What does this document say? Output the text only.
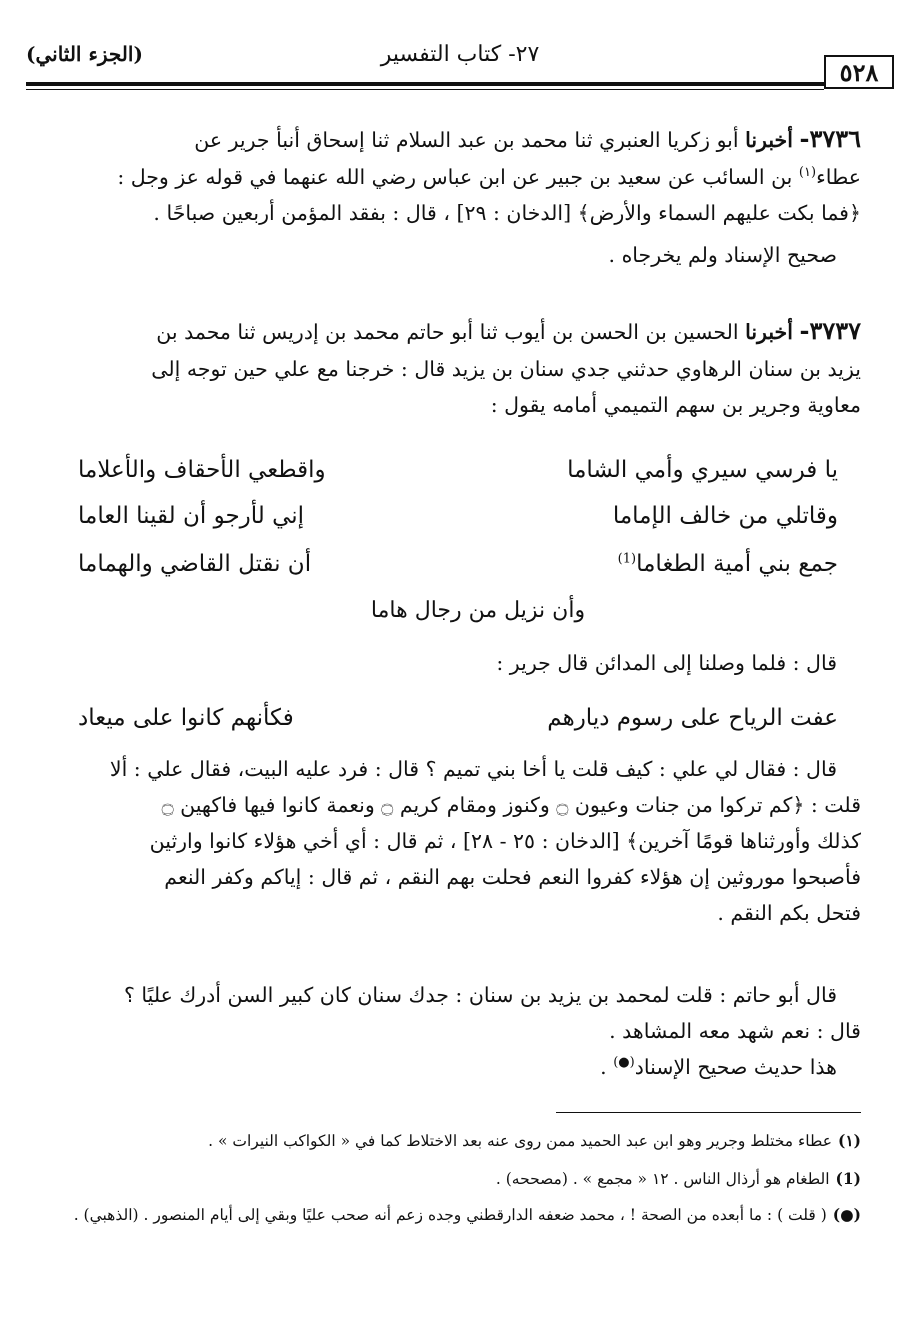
٥٢٨
٢٧- كتاب التفسير
(الجزء الثاني)
٣٧٣٦- أخبرنا أبو زكريا العنبري ثنا محمد بن عبد السلام ثنا إسحاق أنبأ جرير عن
عطاء$^{(١)}$ بن السائب عن سعيد بن جبير عن ابن عباس رضي الله عنهما في قوله عز وجل :
﴿فما بكت عليهم السماء والأرض﴾ [الدخان : ٢٩] ، قال : بفقد المؤمن أربعين صباحًا .
صحيح الإسناد ولم يخرجاه .
٣٧٣٧- أخبرنا الحسين بن الحسن بن أيوب ثنا أبو حاتم محمد بن إدريس ثنا محمد بن
يزيد بن سنان الرهاوي حدثني جدي سنان بن يزيد قال : خرجنا مع علي حين توجه إلى
معاوية وجرير بن سهم التميمي أمامه يقول :
يا فرسي سيري وأمي الشاما
واقطعي الأحقاف والأعلاما
وقاتلي من خالف الإماما
إني لأرجو أن لقينا العاما
جمع بني أمية الطغاما$^{(1)}$
أن نقتل القاضي والهماما
وأن نزيل من رجال هاما
قال : فلما وصلنا إلى المدائن قال جرير :
عفت الرياح على رسوم ديارهم
فكأنهم كانوا على ميعاد
قال : فقال لي علي : كيف قلت يا أخا بني تميم ؟ قال : فرد عليه البيت، فقال علي : ألا
قلت : ﴿كم تركوا من جنات وعيون ۝ وكنوز ومقام كريم ۝ ونعمة كانوا فيها فاكهين ۝
كذلك وأورثناها قومًا آخرين﴾ [الدخان : ٢٥ - ٢٨] ، ثم قال : أي أخي هؤلاء كانوا وارثين
فأصبحوا موروثين إن هؤلاء كفروا النعم فحلت بهم النقم ، ثم قال : إياكم وكفر النعم
فتحل بكم النقم .
قال أبو حاتم : قلت لمحمد بن يزيد بن سنان : جدك سنان كان كبير السن أدرك عليًا ؟
قال : نعم شهد معه المشاهد .
هذا حديث صحيح الإسناد(●) .
(١)عطاء مختلط وجرير وهو ابن عبد الحميد ممن روى عنه بعد الاختلاط كما في « الكواكب النيرات » .
(1)الطغام هو أرذال الناس . ١٢ « مجمع » . (مصححه) .
(●)( قلت ) : ما أبعده من الصحة ! ، محمد ضعفه الدارقطني وجده زعم أنه صحب عليًا وبقي إلى أيام المنصور . (الذهبي) .
